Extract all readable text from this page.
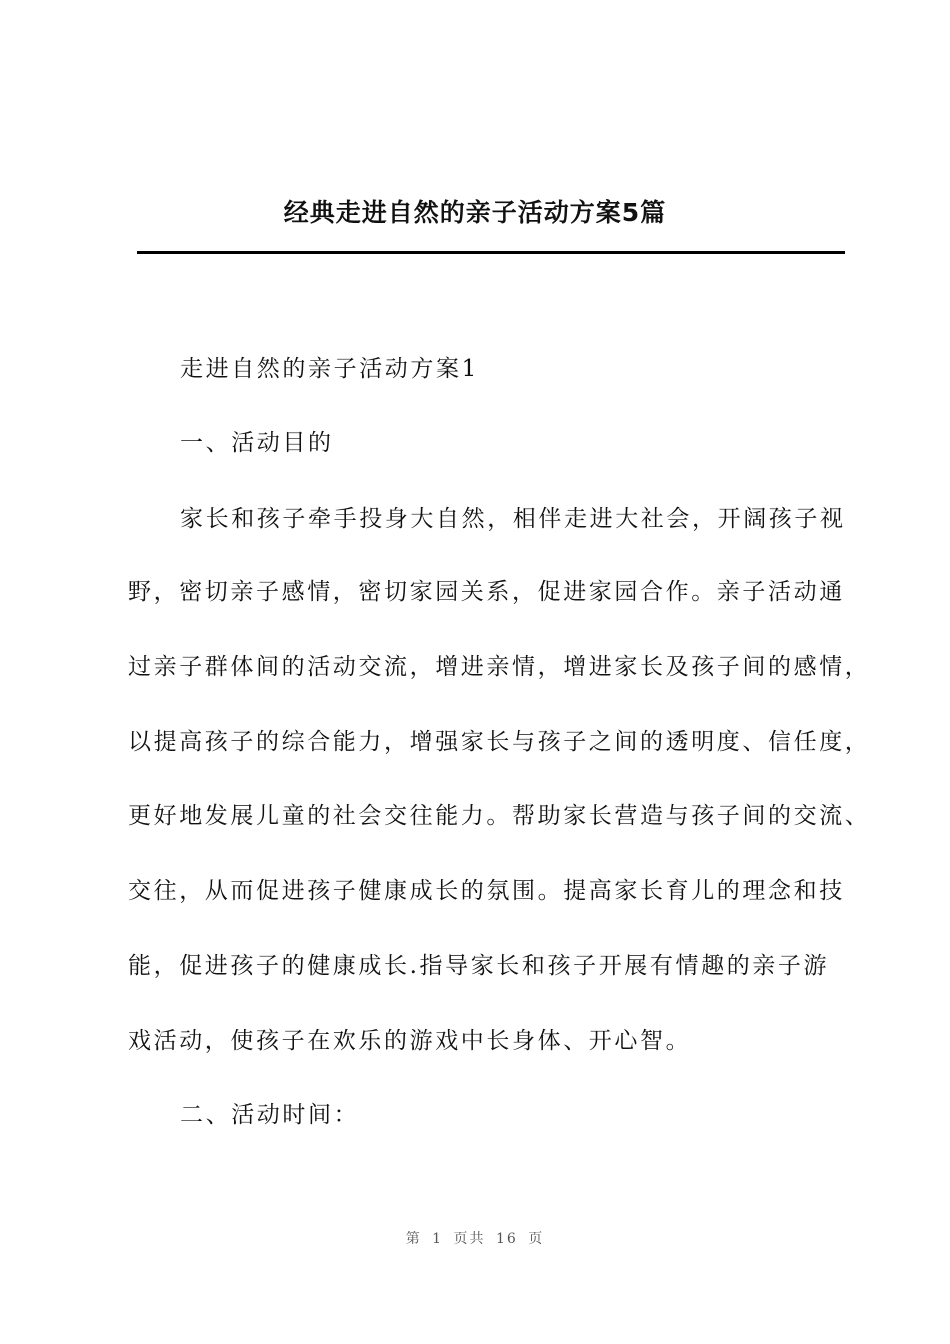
经典走进自然的亲子活动方案5篇
走进自然的亲子活动方案1
一、活动目的
家长和孩子牵手投身大自然，相伴走进大社会，开阔孩子视
野，密切亲子感情，密切家园关系，促进家园合作。亲子活动通
过亲子群体间的活动交流，增进亲情，增进家长及孩子间的感情，
以提高孩子的综合能力，增强家长与孩子之间的透明度、信任度，
更好地发展儿童的社会交往能力。帮助家长营造与孩子间的交流、
交往，从而促进孩子健康成长的氛围。提高家长育儿的理念和技
能，促进孩子的健康成长.指导家长和孩子开展有情趣的亲子游
戏活动，使孩子在欢乐的游戏中长身体、开心智。
二、活动时间：
第 1 页共 16 页
